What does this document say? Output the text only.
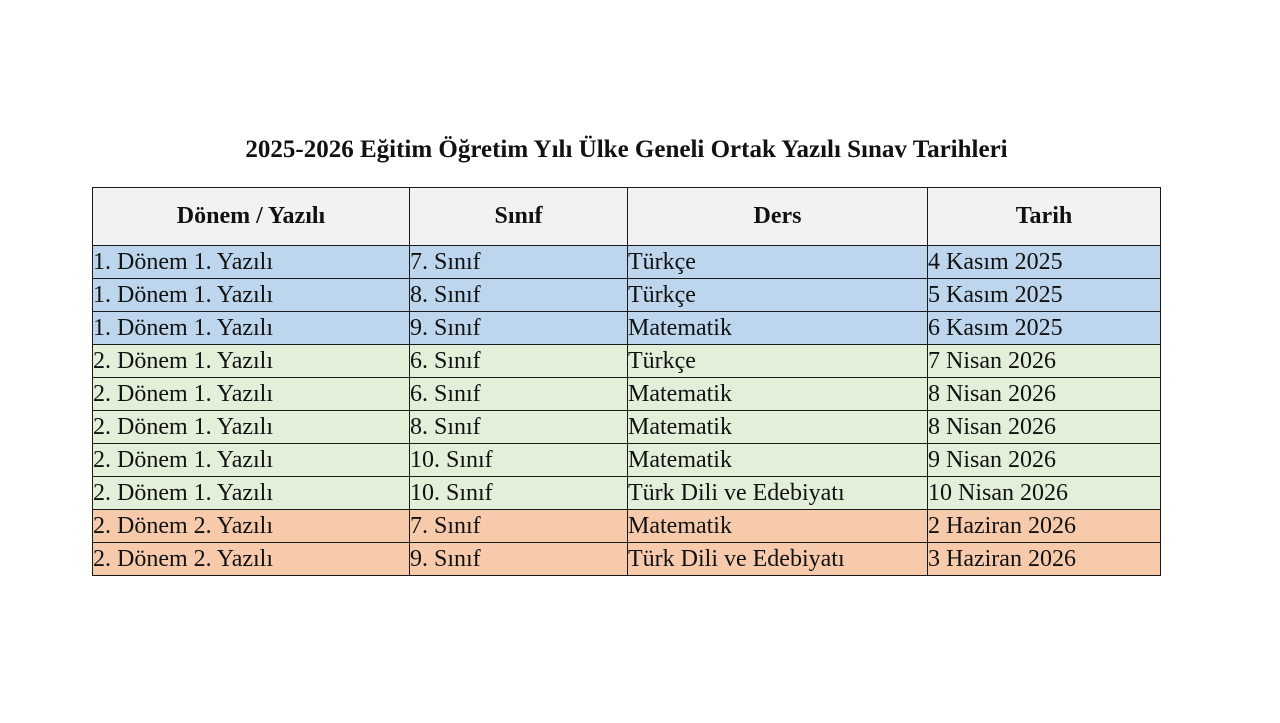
2025-2026 Eğitim Öğretim Yılı Ülke Geneli Ortak Yazılı Sınav Tarihleri
Dönem / Yazılı	Sınıf	Ders	Tarih
1. Dönem 1. Yazılı	7. Sınıf	Türkçe	4 Kasım 2025
1. Dönem 1. Yazılı	8. Sınıf	Türkçe	5 Kasım 2025
1. Dönem 1. Yazılı	9. Sınıf	Matematik	6 Kasım 2025
2. Dönem 1. Yazılı	6. Sınıf	Türkçe	7 Nisan 2026
2. Dönem 1. Yazılı	6. Sınıf	Matematik	8 Nisan 2026
2. Dönem 1. Yazılı	8. Sınıf	Matematik	8 Nisan 2026
2. Dönem 1. Yazılı	10. Sınıf	Matematik	9 Nisan 2026
2. Dönem 1. Yazılı	10. Sınıf	Türk Dili ve Edebiyatı	10 Nisan 2026
2. Dönem 2. Yazılı	7. Sınıf	Matematik	2 Haziran 2026
2. Dönem 2. Yazılı	9. Sınıf	Türk Dili ve Edebiyatı	3 Haziran 2026
